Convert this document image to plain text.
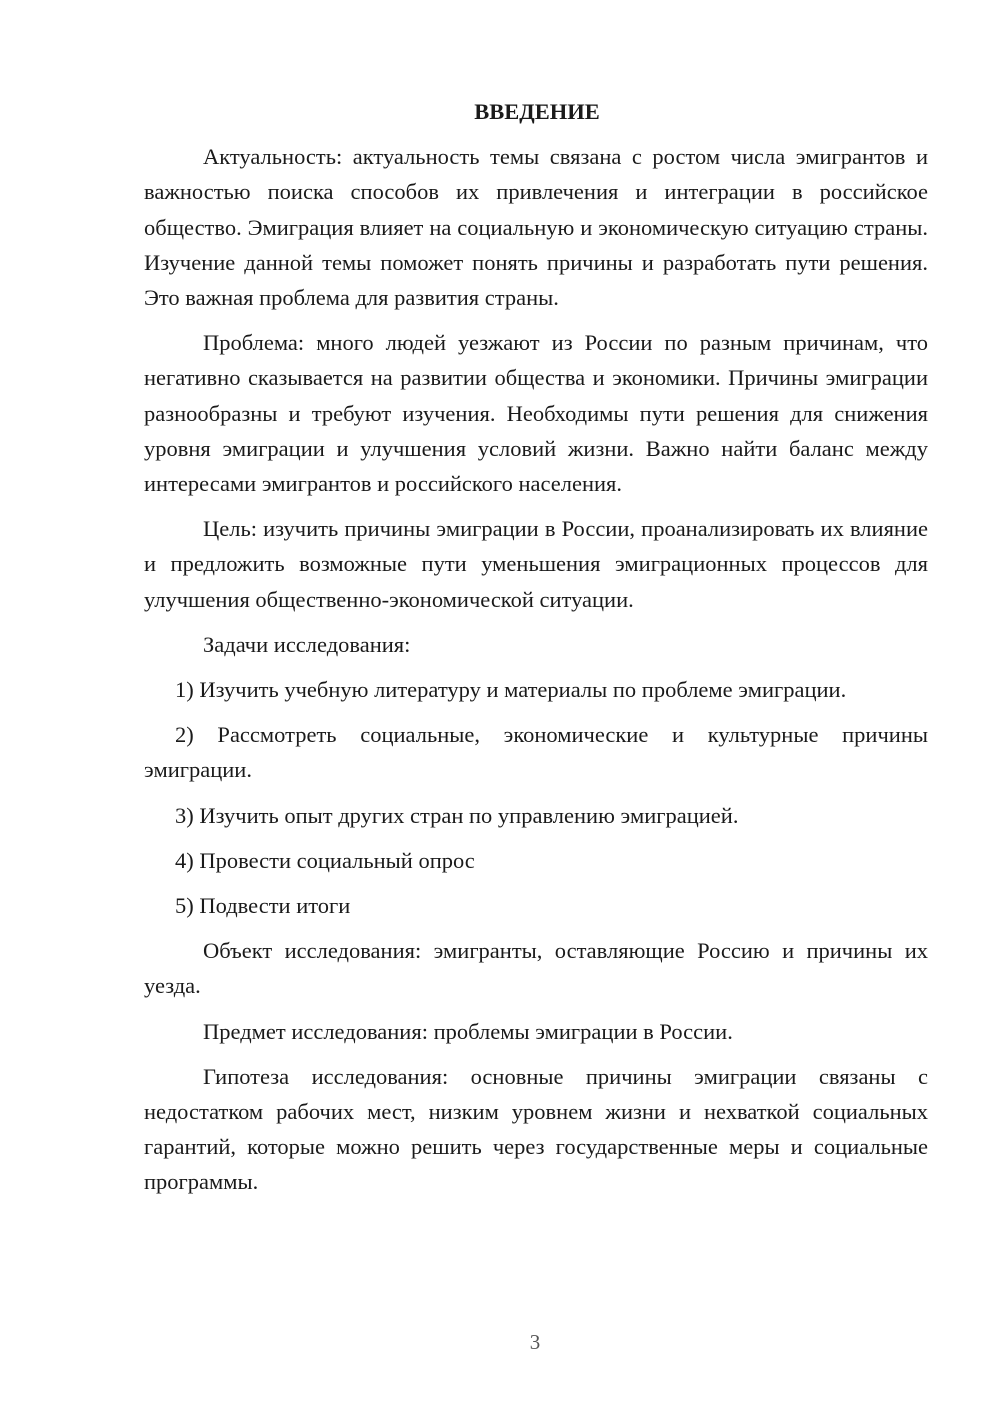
ВВЕДЕНИЕ

Актуальность: актуальность темы связана с ростом числа эмигрантов и важностью поиска способов их привлечения и интеграции в российское общество. Эмиграция влияет на социальную и экономическую ситуацию страны. Изучение данной темы поможет понять причины и разработать пути решения. Это важная проблема для развития страны.

Проблема: много людей уезжают из России по разным причинам, что негативно сказывается на развитии общества и экономики. Причины эмиграции разнообразны и требуют изучения. Необходимы пути решения для снижения уровня эмиграции и улучшения условий жизни. Важно найти баланс между интересами эмигрантов и российского населения.

Цель: изучить причины эмиграции в России, проанализировать их влияние и предложить возможные пути уменьшения эмиграционных процессов для улучшения общественно-экономической ситуации.

Задачи исследования:

1) Изучить учебную литературу и материалы по проблеме эмиграции.

2) Рассмотреть социальные, экономические и культурные причины эмиграции.

3) Изучить опыт других стран по управлению эмиграцией.

4) Провести социальный опрос

5) Подвести итоги

Объект исследования: эмигранты, оставляющие Россию и причины их уезда.

Предмет исследования: проблемы эмиграции в России.

Гипотеза исследования: основные причины эмиграции связаны с недостатком рабочих мест, низким уровнем жизни и нехваткой социальных гарантий, которые можно решить через государственные меры и социальные программы.

3
